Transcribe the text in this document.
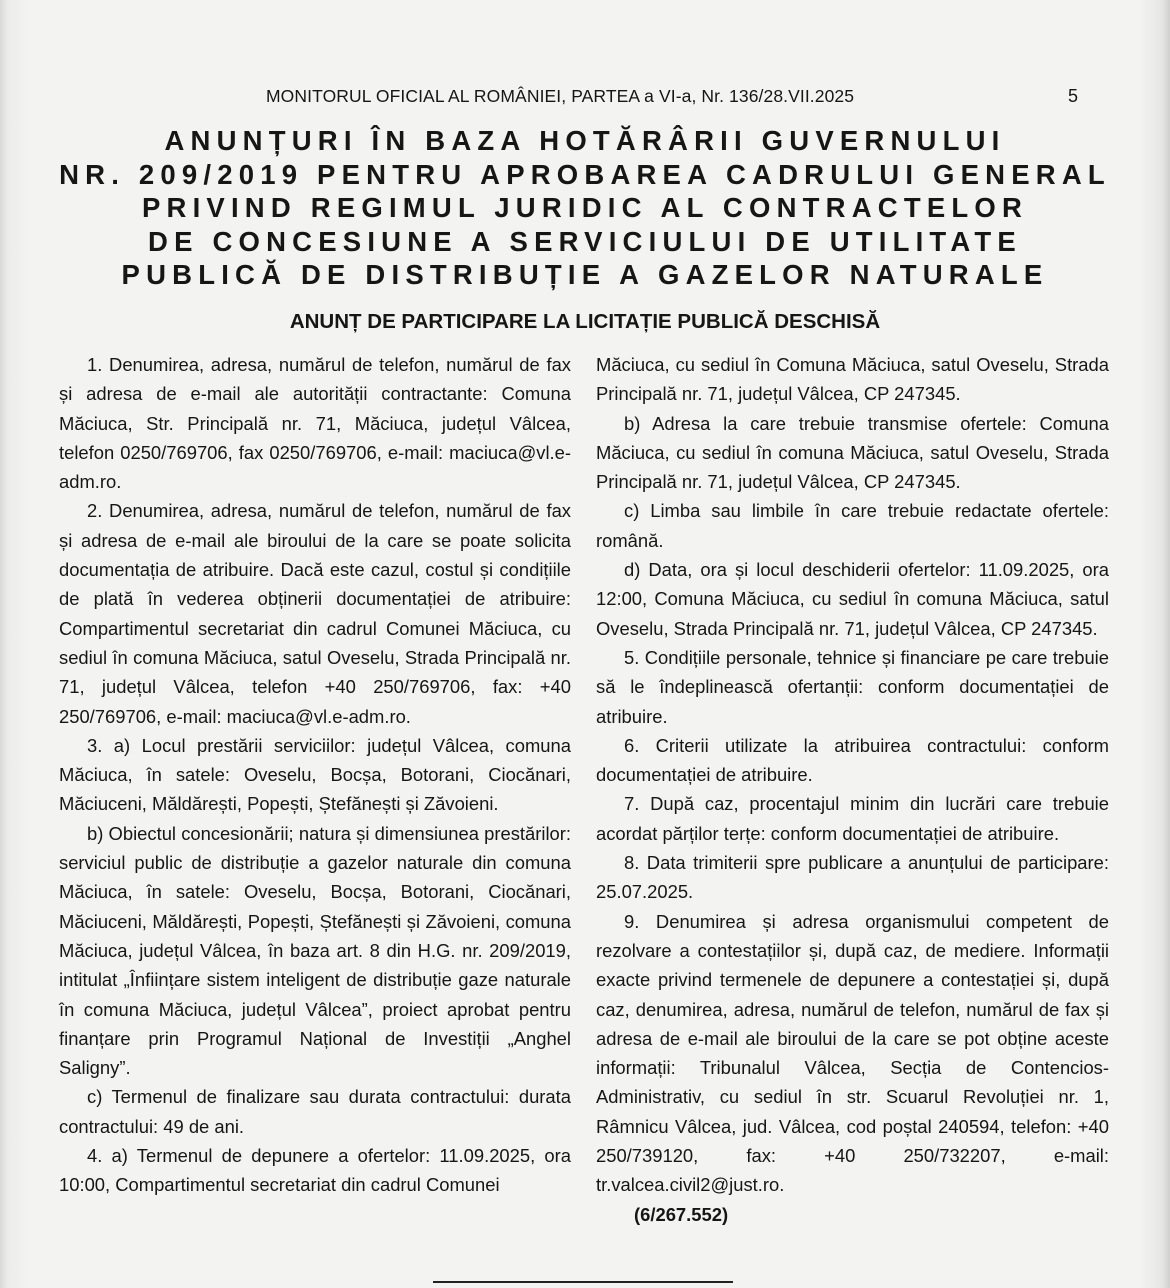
MONITORUL OFICIAL AL ROMÂNIEI, PARTEA a VI-a, Nr. 136/28.VII.2025	5
ANUNȚURI ÎN BAZA HOTĂRÂRII GUVERNULUI
NR. 209/2019 PENTRU APROBAREA CADRULUI GENERAL
PRIVIND REGIMUL JURIDIC AL CONTRACTELOR
DE CONCESIUNE A SERVICIULUI DE UTILITATE
PUBLICĂ DE DISTRIBUȚIE A GAZELOR NATURALE
ANUNȚ DE PARTICIPARE LA LICITAȚIE PUBLICĂ DESCHISĂ

1. Denumirea, adresa, numărul de telefon, numărul de fax și adresa de e-mail ale autorității contractante: Comuna Măciuca, Str. Principală nr. 71, Măciuca, județul Vâlcea, telefon 0250/769706, fax 0250/769706, e-mail: maciuca@vl.e-adm.ro.

2. Denumirea, adresa, numărul de telefon, numărul de fax și adresa de e-mail ale biroului de la care se poate solicita documentația de atribuire. Dacă este cazul, costul și condițiile de plată în vederea obținerii documentației de atribuire: Compartimentul secretariat din cadrul Comunei Măciuca, cu sediul în comuna Măciuca, satul Oveselu, Strada Principală nr. 71, județul Vâlcea, telefon +40 250/769706, fax: +40 250/769706, e-mail: maciuca@vl.e-adm.ro.

3. a) Locul prestării serviciilor: județul Vâlcea, comuna Măciuca, în satele: Oveselu, Bocșa, Botorani, Ciocănari, Măciuceni, Măldărești, Popești, Ștefănești și Zăvoieni.

b) Obiectul concesionării; natura și dimensiunea prestărilor: serviciul public de distribuție a gazelor naturale din comuna Măciuca, în satele: Oveselu, Bocșa, Botorani, Ciocănari, Măciuceni, Măldărești, Popești, Ștefănești și Zăvoieni, comuna Măciuca, județul Vâlcea, în baza art. 8 din H.G. nr. 209/2019, intitulat „Înființare sistem inteligent de distribuție gaze naturale în comuna Măciuca, județul Vâlcea”, proiect aprobat pentru finanțare prin Programul Național de Investiții „Anghel Saligny”.

c) Termenul de finalizare sau durata contractului: durata contractului: 49 de ani.

4. a) Termenul de depunere a ofertelor: 11.09.2025, ora 10:00, Compartimentul secretariat din cadrul Comunei

Măciuca, cu sediul în Comuna Măciuca, satul Oveselu, Strada Principală nr. 71, județul Vâlcea, CP 247345.

b) Adresa la care trebuie transmise ofertele: Comuna Măciuca, cu sediul în comuna Măciuca, satul Oveselu, Strada Principală nr. 71, județul Vâlcea, CP 247345.

c) Limba sau limbile în care trebuie redactate ofertele: română.

d) Data, ora și locul deschiderii ofertelor: 11.09.2025, ora 12:00, Comuna Măciuca, cu sediul în comuna Măciuca, satul Oveselu, Strada Principală nr. 71, județul Vâlcea, CP 247345.

5. Condițiile personale, tehnice și financiare pe care trebuie să le îndeplinească ofertanții: conform documentației de atribuire.

6. Criterii utilizate la atribuirea contractului: conform documentației de atribuire.

7. După caz, procentajul minim din lucrări care trebuie acordat părților terțe: conform documentației de atribuire.

8. Data trimiterii spre publicare a anunțului de participare: 25.07.2025.

9. Denumirea și adresa organismului competent de rezolvare a contestațiilor și, după caz, de mediere. Informații exacte privind termenele de depunere a contestației și, după caz, denumirea, adresa, numărul de telefon, numărul de fax și adresa de e-mail ale biroului de la care se pot obține aceste informații: Tribunalul Vâlcea, Secția de Contencios-Administrativ, cu sediul în str. Scuarul Revoluției nr. 1, Râmnicu Vâlcea, jud. Vâlcea, cod poștal 240594, telefon: +40 250/739120, fax: +40 250/732207, e-mail: tr.valcea.civil2@just.ro.

(6/267.552)
